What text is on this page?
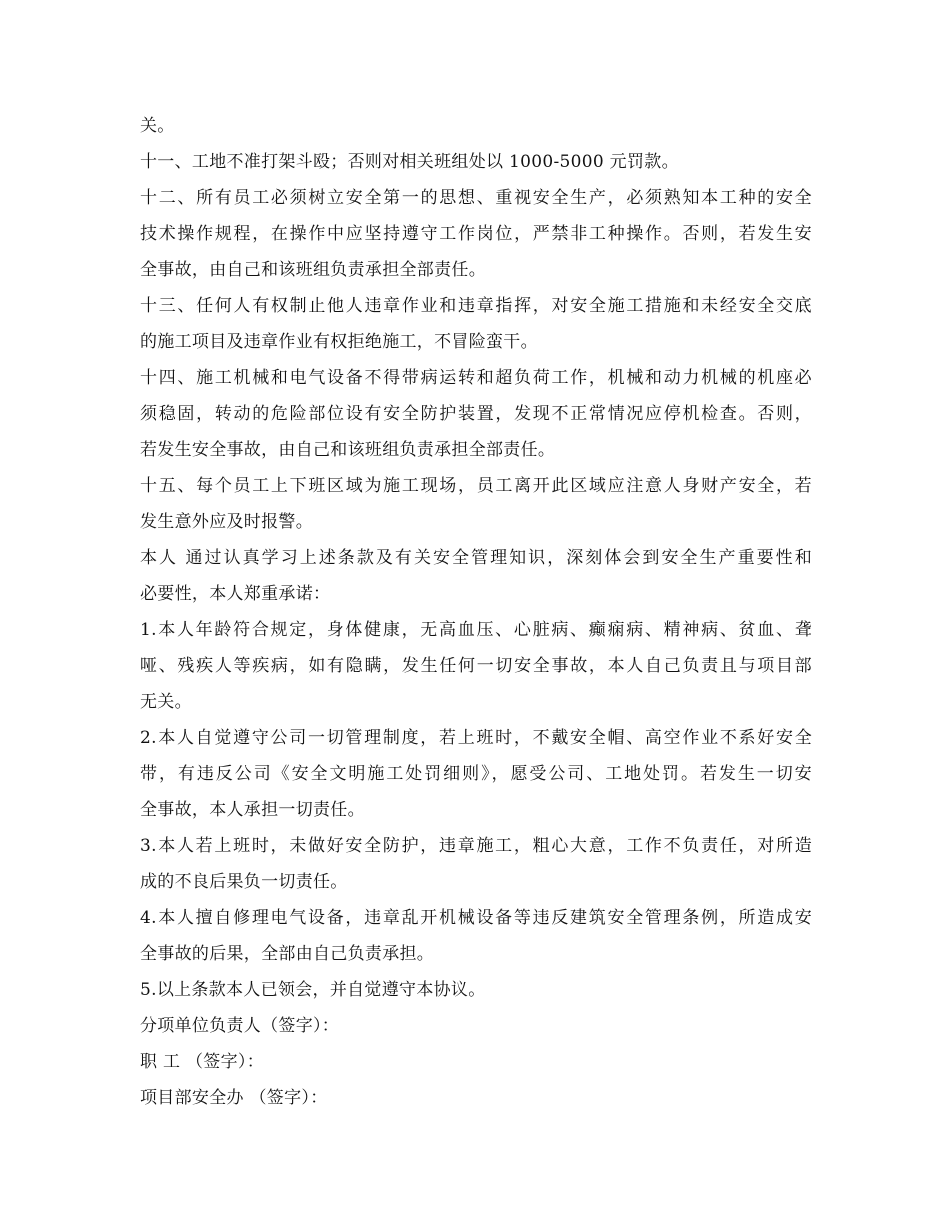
关。
十一、工地不准打架斗殴；否则对相关班组处以 1000-5000 元罚款。
十二、所有员工必须树立安全第一的思想、重视安全生产，必须熟知本工种的安全
技术操作规程，在操作中应坚持遵守工作岗位，严禁非工种操作。否则，若发生安
全事故，由自己和该班组负责承担全部责任。
十三、任何人有权制止他人违章作业和违章指挥，对安全施工措施和未经安全交底
的施工项目及违章作业有权拒绝施工，不冒险蛮干。
十四、施工机械和电气设备不得带病运转和超负荷工作，机械和动力机械的机座必
须稳固，转动的危险部位设有安全防护装置，发现不正常情况应停机检查。否则，
若发生安全事故，由自己和该班组负责承担全部责任。
十五、每个员工上下班区域为施工现场，员工离开此区域应注意人身财产安全，若
发生意外应及时报警。
本人 通过认真学习上述条款及有关安全管理知识，深刻体会到安全生产重要性和
必要性，本人郑重承诺：
1.本人年龄符合规定，身体健康，无高血压、心脏病、癫痫病、精神病、贫血、聋
哑、残疾人等疾病，如有隐瞒，发生任何一切安全事故，本人自己负责且与项目部
无关。
2.本人自觉遵守公司一切管理制度，若上班时，不戴安全帽、高空作业不系好安全
带，有违反公司《安全文明施工处罚细则》，愿受公司、工地处罚。若发生一切安
全事故，本人承担一切责任。
3.本人若上班时，未做好安全防护，违章施工，粗心大意，工作不负责任，对所造
成的不良后果负一切责任。
4.本人擅自修理电气设备，违章乱开机械设备等违反建筑安全管理条例，所造成安
全事故的后果，全部由自己负责承担。
5.以上条款本人已领会，并自觉遵守本协议。
分项单位负责人（签字）：
职 工 （签字）：
项目部安全办 （签字）：
